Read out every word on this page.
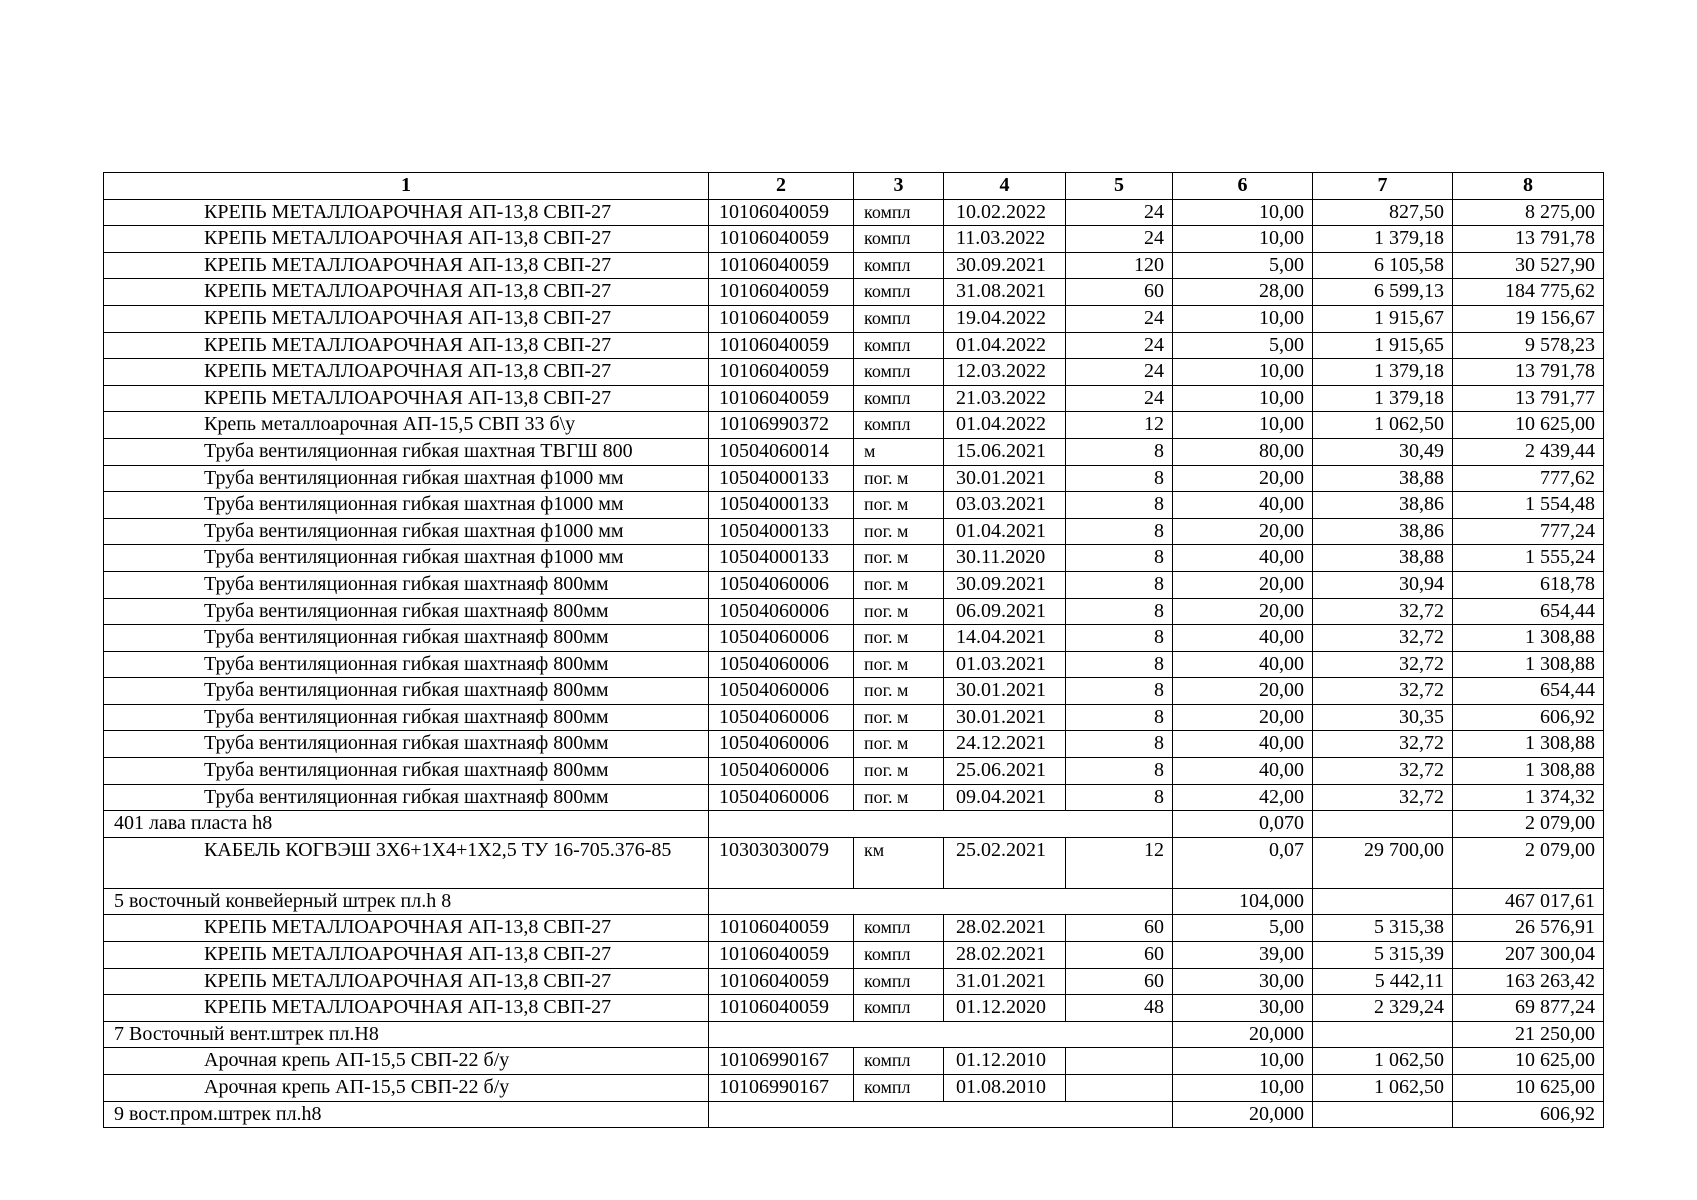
1	2	3	4	5	6	7	8
КРЕПЬ МЕТАЛЛОАРОЧНАЯ АП-13,8 СВП-27	10106040059	компл	10.02.2022	24	10,00	827,50	8 275,00
КРЕПЬ МЕТАЛЛОАРОЧНАЯ АП-13,8 СВП-27	10106040059	компл	11.03.2022	24	10,00	1 379,18	13 791,78
КРЕПЬ МЕТАЛЛОАРОЧНАЯ АП-13,8 СВП-27	10106040059	компл	30.09.2021	120	5,00	6 105,58	30 527,90
КРЕПЬ МЕТАЛЛОАРОЧНАЯ АП-13,8 СВП-27	10106040059	компл	31.08.2021	60	28,00	6 599,13	184 775,62
КРЕПЬ МЕТАЛЛОАРОЧНАЯ АП-13,8 СВП-27	10106040059	компл	19.04.2022	24	10,00	1 915,67	19 156,67
КРЕПЬ МЕТАЛЛОАРОЧНАЯ АП-13,8 СВП-27	10106040059	компл	01.04.2022	24	5,00	1 915,65	9 578,23
КРЕПЬ МЕТАЛЛОАРОЧНАЯ АП-13,8 СВП-27	10106040059	компл	12.03.2022	24	10,00	1 379,18	13 791,78
КРЕПЬ МЕТАЛЛОАРОЧНАЯ АП-13,8 СВП-27	10106040059	компл	21.03.2022	24	10,00	1 379,18	13 791,77
Крепь металлоарочная АП-15,5 СВП 33 б\у	10106990372	компл	01.04.2022	12	10,00	1 062,50	10 625,00
Труба вентиляционная гибкая шахтная ТВГШ 800	10504060014	м	15.06.2021	8	80,00	30,49	2 439,44
Труба вентиляционная гибкая шахтная ф1000 мм	10504000133	пог. м	30.01.2021	8	20,00	38,88	777,62
Труба вентиляционная гибкая шахтная ф1000 мм	10504000133	пог. м	03.03.2021	8	40,00	38,86	1 554,48
Труба вентиляционная гибкая шахтная ф1000 мм	10504000133	пог. м	01.04.2021	8	20,00	38,86	777,24
Труба вентиляционная гибкая шахтная ф1000 мм	10504000133	пог. м	30.11.2020	8	40,00	38,88	1 555,24
Труба вентиляционная гибкая шахтнаяф 800мм	10504060006	пог. м	30.09.2021	8	20,00	30,94	618,78
Труба вентиляционная гибкая шахтнаяф 800мм	10504060006	пог. м	06.09.2021	8	20,00	32,72	654,44
Труба вентиляционная гибкая шахтнаяф 800мм	10504060006	пог. м	14.04.2021	8	40,00	32,72	1 308,88
Труба вентиляционная гибкая шахтнаяф 800мм	10504060006	пог. м	01.03.2021	8	40,00	32,72	1 308,88
Труба вентиляционная гибкая шахтнаяф 800мм	10504060006	пог. м	30.01.2021	8	20,00	32,72	654,44
Труба вентиляционная гибкая шахтнаяф 800мм	10504060006	пог. м	30.01.2021	8	20,00	30,35	606,92
Труба вентиляционная гибкая шахтнаяф 800мм	10504060006	пог. м	24.12.2021	8	40,00	32,72	1 308,88
Труба вентиляционная гибкая шахтнаяф 800мм	10504060006	пог. м	25.06.2021	8	40,00	32,72	1 308,88
Труба вентиляционная гибкая шахтнаяф 800мм	10504060006	пог. м	09.04.2021	8	42,00	32,72	1 374,32
401 лава пласта h8					0,070		2 079,00
КАБЕЛЬ КОГВЭШ 3Х6+1Х4+1Х2,5 ТУ 16-705.376-85	10303030079	км	25.02.2021	12	0,07	29 700,00	2 079,00
5 восточный конвейерный штрек пл.h 8					104,000		467 017,61
КРЕПЬ МЕТАЛЛОАРОЧНАЯ АП-13,8 СВП-27	10106040059	компл	28.02.2021	60	5,00	5 315,38	26 576,91
КРЕПЬ МЕТАЛЛОАРОЧНАЯ АП-13,8 СВП-27	10106040059	компл	28.02.2021	60	39,00	5 315,39	207 300,04
КРЕПЬ МЕТАЛЛОАРОЧНАЯ АП-13,8 СВП-27	10106040059	компл	31.01.2021	60	30,00	5 442,11	163 263,42
КРЕПЬ МЕТАЛЛОАРОЧНАЯ АП-13,8 СВП-27	10106040059	компл	01.12.2020	48	30,00	2 329,24	69 877,24
7 Восточный вент.штрек пл.Н8					20,000		21 250,00
Арочная крепь АП-15,5 СВП-22 б/у	10106990167	компл	01.12.2010		10,00	1 062,50	10 625,00
Арочная крепь АП-15,5 СВП-22 б/у	10106990167	компл	01.08.2010		10,00	1 062,50	10 625,00
9 вост.пром.штрек пл.h8					20,000		606,92
